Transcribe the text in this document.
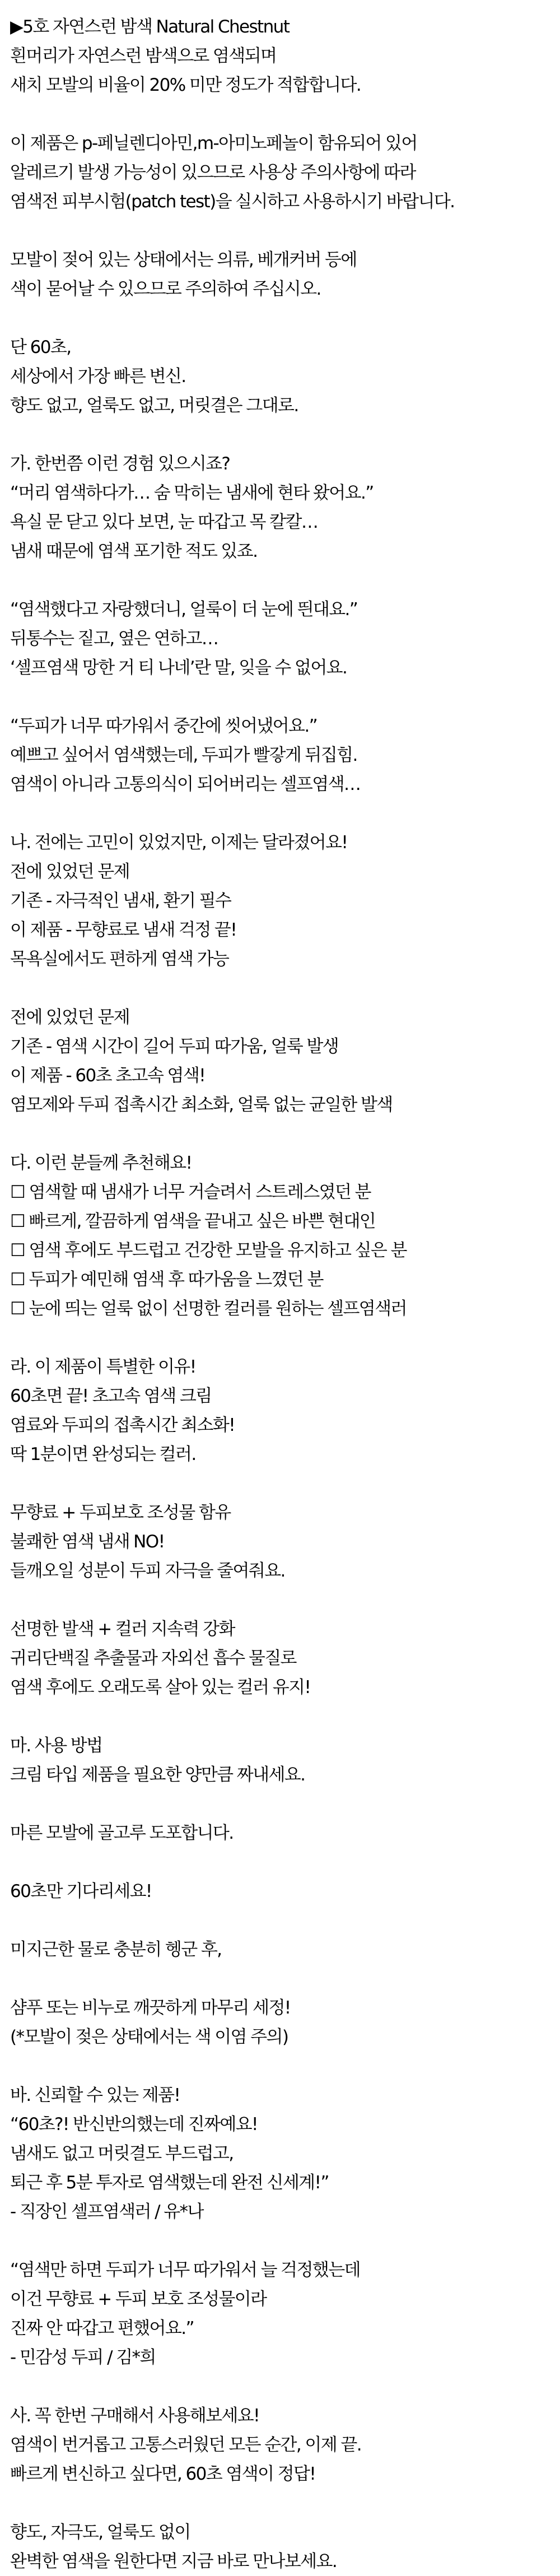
▶5호 자연스런 밤색 Natural Chestnut
흰머리가 자연스런 밤색으로 염색되며
새치 모발의 비율이 20% 미만 정도가 적합합니다.
이 제품은 p-페닐렌디아민,m-아미노페놀이 함유되어 있어
알레르기 발생 가능성이 있으므로 사용상 주의사항에 따라
염색전 피부시험(patch test)을 실시하고 사용하시기 바랍니다.
모발이 젖어 있는 상태에서는 의류, 베개커버 등에
색이 묻어날 수 있으므로 주의하여 주십시오.
단 60초,
세상에서 가장 빠른 변신.
향도 없고, 얼룩도 없고, 머릿결은 그대로.
가. 한번쯤 이런 경험 있으시죠?
“머리 염색하다가… 숨 막히는 냄새에 현타 왔어요.”
욕실 문 닫고 있다 보면, 눈 따갑고 목 칼칼…
냄새 때문에 염색 포기한 적도 있죠.
“염색했다고 자랑했더니, 얼룩이 더 눈에 띈대요.”
뒤통수는 짙고, 옆은 연하고…
‘셀프염색 망한 거 티 나네’란 말, 잊을 수 없어요.
“두피가 너무 따가워서 중간에 씻어냈어요.”
예쁘고 싶어서 염색했는데, 두피가 빨갛게 뒤집힘.
염색이 아니라 고통의식이 되어버리는 셀프염색…
나. 전에는 고민이 있었지만, 이제는 달라졌어요!
전에 있었던 문제
기존 - 자극적인 냄새, 환기 필수
이 제품 - 무향료로 냄새 걱정 끝!
목욕실에서도 편하게 염색 가능
전에 있었던 문제
기존 - 염색 시간이 길어 두피 따가움, 얼룩 발생
이 제품 - 60초 초고속 염색!
염모제와 두피 접촉시간 최소화, 얼룩 없는 균일한 발색
다. 이런 분들께 추천해요!
☐ 염색할 때 냄새가 너무 거슬려서 스트레스였던 분
☐ 빠르게, 깔끔하게 염색을 끝내고 싶은 바쁜 현대인
☐ 염색 후에도 부드럽고 건강한 모발을 유지하고 싶은 분
☐ 두피가 예민해 염색 후 따가움을 느꼈던 분
☐ 눈에 띄는 얼룩 없이 선명한 컬러를 원하는 셀프염색러
라. 이 제품이 특별한 이유!
60초면 끝! 초고속 염색 크림
염료와 두피의 접촉시간 최소화!
딱 1분이면 완성되는 컬러.
무향료 + 두피보호 조성물 함유
불쾌한 염색 냄새 NO!
들깨오일 성분이 두피 자극을 줄여줘요.
선명한 발색 + 컬러 지속력 강화
귀리단백질 추출물과 자외선 흡수 물질로
염색 후에도 오래도록 살아 있는 컬러 유지!
마. 사용 방법
크림 타입 제품을 필요한 양만큼 짜내세요.
마른 모발에 골고루 도포합니다.
60초만 기다리세요!
미지근한 물로 충분히 헹군 후,
샴푸 또는 비누로 깨끗하게 마무리 세정!
(*모발이 젖은 상태에서는 색 이염 주의)
바. 신뢰할 수 있는 제품!
“60초?! 반신반의했는데 진짜예요!
냄새도 없고 머릿결도 부드럽고,
퇴근 후 5분 투자로 염색했는데 완전 신세계!”
- 직장인 셀프염색러 / 유*나
“염색만 하면 두피가 너무 따가워서 늘 걱정했는데
이건 무향료 + 두피 보호 조성물이라
진짜 안 따갑고 편했어요.”
- 민감성 두피 / 김*희
사. 꼭 한번 구매해서 사용해보세요!
염색이 번거롭고 고통스러웠던 모든 순간, 이제 끝.
빠르게 변신하고 싶다면, 60초 염색이 정답!
향도, 자극도, 얼룩도 없이
완벽한 염색을 원한다면 지금 바로 만나보세요.
